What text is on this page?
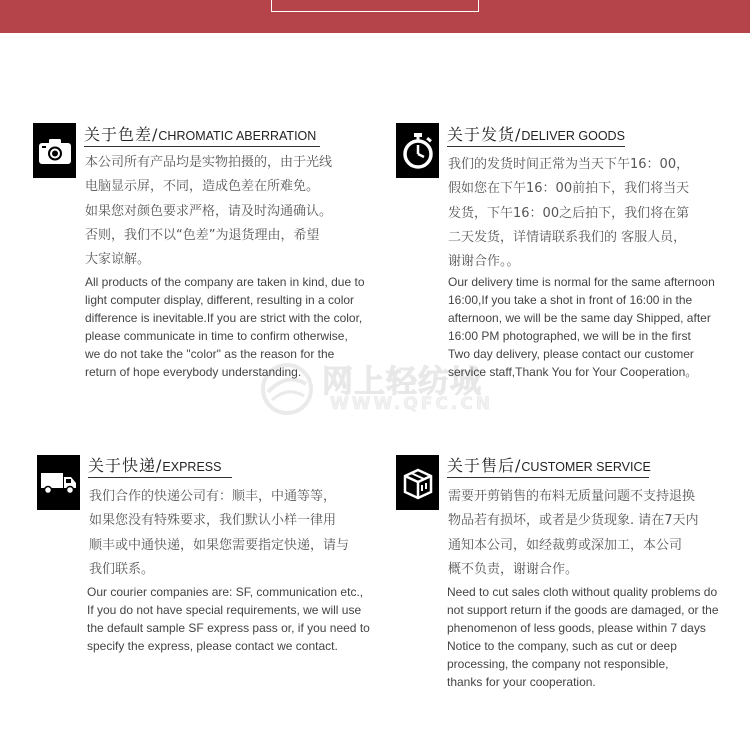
网上轻纺城
WWW.QFC.CN
关于色差/CHROMATIC ABERRATION
本公司所有产品均是实物拍摄的，由于光线
电脑显示屏，不同，造成色差在所难免。
如果您对颜色要求严格，请及时沟通确认。
否则，我们不以“色差”为退货理由，希望
大家谅解。
All products of the company are taken in kind, due to
light computer display, different, resulting in a color
difference is inevitable.If you are strict with the color,
please communicate in time to confirm otherwise,
we do not take the "color" as the reason for the
return of hope everybody understanding.
关于发货/DELIVER GOODS
我们的发货时间正常为当天下午16：00，
假如您在下午16：00前拍下，我们将当天
发货，下午16：00之后拍下，我们将在第
二天发货，详情请联系我们的 客服人员，
谢谢合作。。
Our delivery time is normal for the same afternoon
16:00,If you take a shot in front of 16:00 in the
afternoon, we will be the same day Shipped, after
16:00 PM photographed, we will be in the first
Two day delivery, please contact our customer
service staff,Thank You for Your Cooperation。
关于快递/EXPRESS
我们合作的快递公司有：顺丰，中通等等，
如果您没有特殊要求，我们默认小样一律用
顺丰或中通快递，如果您需要指定快递，请与
我们联系。
Our courier companies are: SF, communication etc.,
If you do not have special requirements, we will use
the default sample SF express pass or, if you need to
specify the express, please contact we contact.
关于售后/CUSTOMER SERVICE
需要开剪销售的布料无质量问题不支持退换
物品若有损坏，或者是少货现象. 请在7天内
通知本公司，如经裁剪或深加工，本公司
概不负责，谢谢合作。
Need to cut sales cloth without quality problems do
not support return if the goods are damaged, or the
phenomenon of less goods, please within 7 days
Notice to the company, such as cut or deep
processing, the company not responsible,
thanks for your cooperation.
